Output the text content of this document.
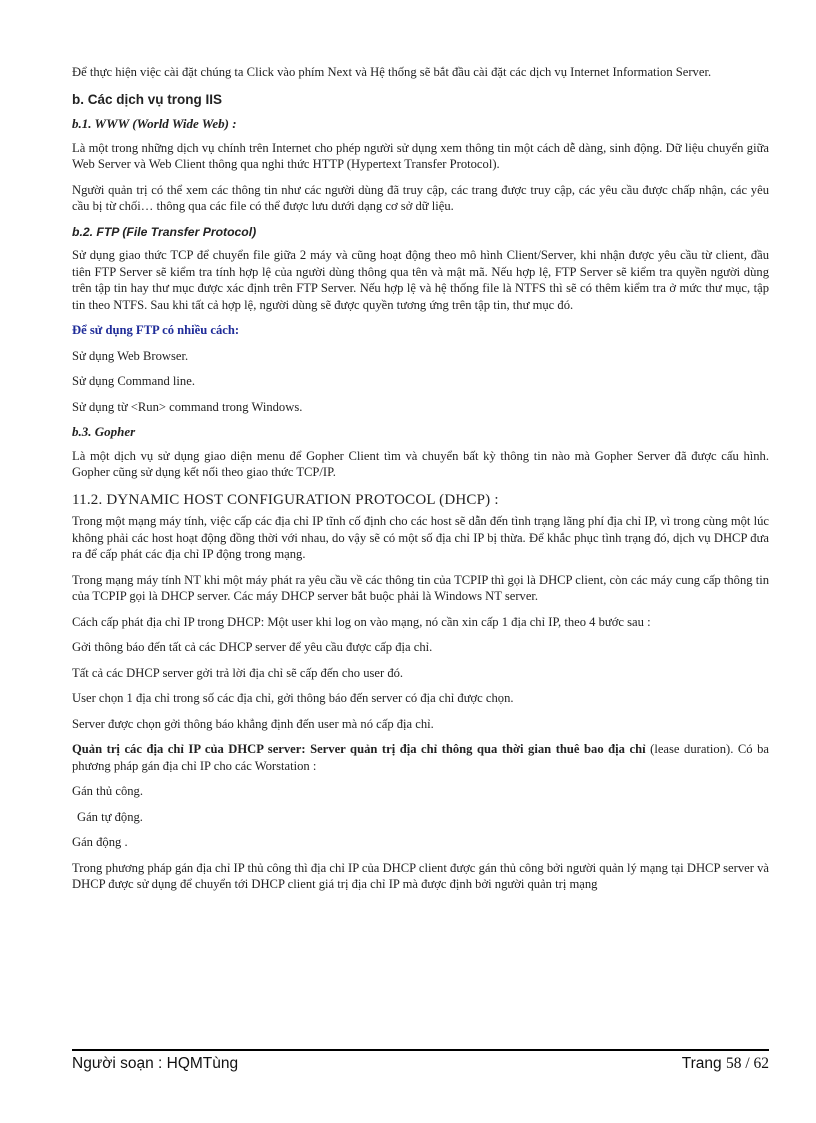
Để thực hiện việc cài đặt chúng ta Click vào phím Next và Hệ thống sẽ bắt đầu cài đặt các dịch vụ Internet Information Server.

b. Các dịch vụ trong IIS
b.1. WWW (World Wide Web) :

Là một trong những dịch vụ chính trên Internet cho phép người sử dụng xem thông tin một cách dễ dàng, sinh động. Dữ liệu chuyển giữa Web Server và Web Client thông qua nghi thức HTTP (Hypertext Transfer Protocol).

Người quản trị có thể xem các thông tin như các người dùng đã truy cập, các trang được truy cập, các yêu cầu được chấp nhận, các yêu cầu bị từ chối… thông qua các file có thể được lưu dưới dạng cơ sở dữ liệu.

b.2. FTP (File Transfer Protocol)

Sử dụng giao thức TCP để chuyển file giữa 2 máy và cũng hoạt động theo mô hình Client/Server, khi nhận được yêu cầu từ client, đầu tiên FTP Server sẽ kiểm tra tính hợp lệ của người dùng thông qua tên và mật mã. Nếu hợp lệ, FTP Server sẽ kiểm tra quyền người dùng trên tập tin hay thư mục được xác định trên FTP Server. Nếu hợp lệ và hệ thống file là NTFS thì sẽ có thêm kiểm tra ở mức thư mục, tập tin theo NTFS. Sau khi tất cả hợp lệ, người dùng sẽ được quyền tương ứng trên tập tin, thư mục đó.

Để sử dụng FTP có nhiều cách:
Sử dụng Web Browser.
Sử dụng Command line.
Sử dụng từ <Run> command trong Windows.
b.3. Gopher

Là một dịch vụ sử dụng giao diện menu để Gopher Client tìm và chuyển bất kỳ thông tin nào mà Gopher Server đã được cấu hình. Gopher cũng sử dụng kết nối theo giao thức TCP/IP.

11.2. DYNAMIC HOST CONFIGURATION PROTOCOL (DHCP) :

Trong một mạng máy tính, việc cấp các địa chỉ IP tĩnh cố định cho các host sẽ dẫn đến tình trạng lãng phí địa chỉ IP, vì trong cùng một lúc không phải các host hoạt động đồng thời với nhau, do vậy sẽ có một số địa chỉ IP bị thừa. Để khắc phục tình trạng đó, dịch vụ DHCP đưa ra để cấp phát các địa chỉ IP động trong mạng.

Trong mạng máy tính NT khi một máy phát ra yêu cầu về các thông tin của TCPIP thì gọi là DHCP client, còn các máy cung cấp thông tin của TCPIP gọi là DHCP server. Các máy DHCP server bắt buộc phải là Windows NT server.

Cách cấp phát địa chỉ IP trong DHCP: Một user khi log on vào mạng, nó cần xin cấp 1 địa chỉ IP, theo 4 bước sau :

Gởi thông báo đến tất cả các DHCP server để yêu cầu được cấp địa chỉ.
Tất cả các DHCP server gởi trả lời địa chỉ sẽ cấp đến cho user đó.
User chọn 1 địa chỉ trong số các địa chỉ, gởi thông báo đến server có địa chỉ được chọn.
Server được chọn gởi thông báo khẳng định đến user mà nó cấp địa chỉ.

Quản trị các địa chỉ IP của DHCP server: Server quản trị địa chỉ thông qua thời gian thuê bao địa chỉ (lease duration). Có ba phương pháp gán địa chỉ IP cho các Worstation :

Gán thủ công.
Gán tự động.
Gán động .

Trong phương pháp gán địa chỉ IP thủ công thì địa chỉ IP của DHCP client được gán thủ công bởi người quản lý mạng tại DHCP server và DHCP được sử dụng để chuyển tới DHCP client giá trị địa chỉ IP mà được định bởi người quản trị mạng

Người soạn : HQMTùng	Trang 58 / 62
